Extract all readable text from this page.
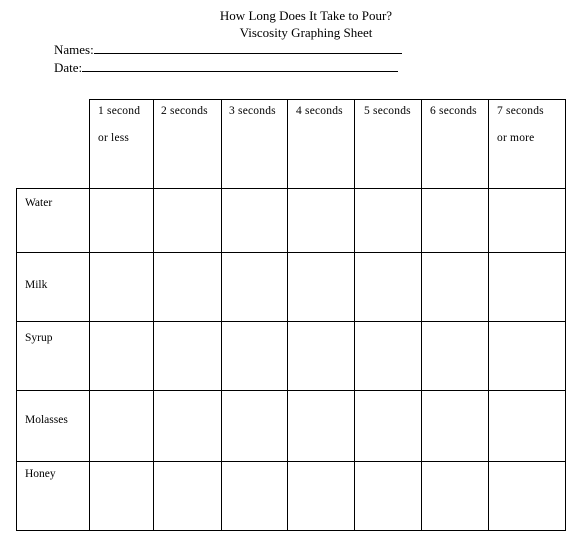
How Long Does It Take to Pour?
Viscosity Graphing Sheet
Names:
Date:
1 second
or less
2 seconds 3 seconds 4 seconds 5 seconds 6 seconds 7 seconds
or more
Water
Milk
Syrup
Molasses
Honey
